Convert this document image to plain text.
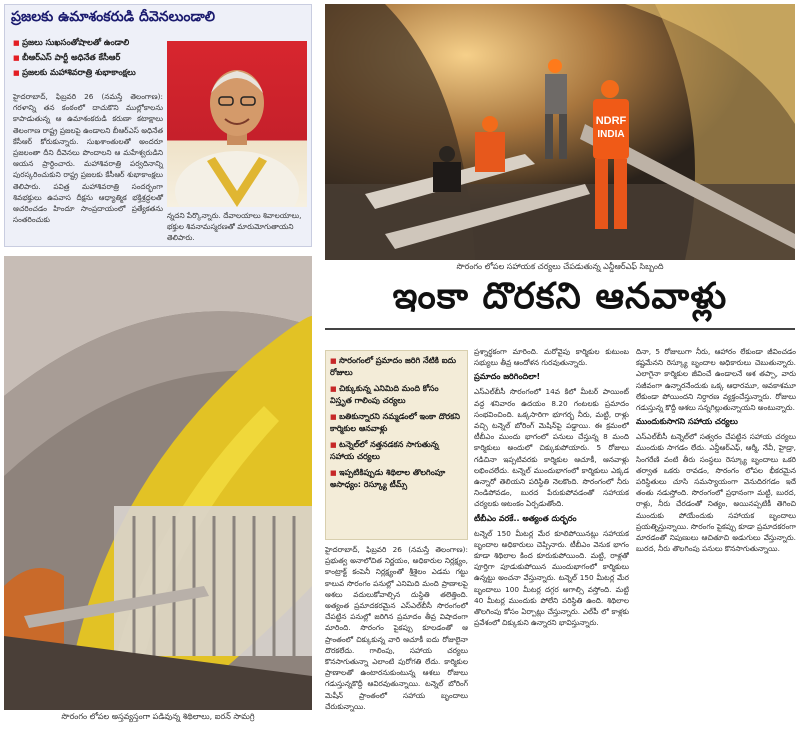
ప్రజలకు ఉమాశంకరుడి దీవెనలుండాలి
■ ప్రజలు సుఖసంతోషాలతో ఉండాలి
■ బీఆర్‌ఎస్ పార్టీ అధినేత కేసీఆర్
■ ప్రజలకు మహాశివరాత్రి శుభాకాంక్షలు
హైదరాబాద్, ఫిబ్రవరి 26 (నమస్తే తెలంగాణ): గరళాన్ని తన కంఠంలో దాచుకొని ముల్లోకాలను కాపాడుతున్న ఆ ఉమాశంకరుడి కరుణా కటాక్షాలు తెలంగాణ రాష్ట్ర ప్రజలపై ఉండాలని బీఆర్‌ఎస్ అధినేత కేసీఆర్ కోరుకున్నారు. సుఖశాంతులతో అందరూ ప్రజలంతా దీని దీవెనలు పొందాలని ఆ మహేశ్వరుడిని ఆయన ప్రార్థించారు. మహాశివరాత్రి పర్వదినాన్ని పురస్కరించుకుని రాష్ట్ర ప్రజలకు కేసీఆర్ శుభాకాంక్షలు తెలిపారు. పవిత్ర మహాశివరాత్రి సందర్భంగా శివభక్తులు ఉపవాస దీక్షను ఆధ్యాత్మిక భక్తిశ్రద్ధలతో ఆచరించడం హిందూ సాంప్రదాయంలో ప్రత్యేకతను సంతరించుకు	న్నదని పేర్కొన్నారు. దేవాలయాలు శివాలయాలు, భక్తుల శివనామస్మరణతో మారుమోగుతాయని తెలిపారు.
NDRF
INDIA
సొరంగం లోపల సహాయక చర్యలు చేపడుతున్న ఎన్డీఆర్‌ఎఫ్ సిబ్బంది
ఇంకా దొరకని ఆనవాళ్లు
సొరంగం లోపల అస్తవ్యస్తంగా పడివున్న శిథిలాలు, ఐరన్ సామగ్రి
■ సొరంగంలో ప్రమాదం జరిగి నేటికి ఐదు రోజులు
■ చిక్కుకున్న ఎనిమిది మంది కోసం విస్తృత గాలింపు చర్యలు
■ బతికున్నారని నమ్మడంలో ఇంకా దొరకని కార్మికుల ఆనవాళ్లు
■ టన్నెల్‌లో నత్తనడకన సాగుతున్న సహాయ చర్యలు
■ ఇప్పటికిప్పుడు శిథిలాల తొలగింపూ అసాధ్యం: రెస్క్యూ టీమ్స్
హైదరాబాద్, ఫిబ్రవరి 26 (నమస్తే తెలంగాణ): ప్రభుత్వ అనాలోచిత నిర్ణయం, అధికారుల నిర్లక్ష్యం, కాంట్రాక్ట్ కంపెనీ నిర్లక్ష్యంతో శ్రీశైలం ఎడమ గట్టు కాలువ సొరంగం పనుల్లో ఎనిమిది మంది ప్రాణాలపై ఆశలు వదులుకోవాల్సిన దుస్థితి తలెత్తింది. అత్యంత ప్రమాదకరమైన ఎస్‌ఎల్‌బీసీ సొరంగంలో చేపట్టిన పనుల్లో జరిగిన ప్రమాదం తీవ్ర విషాదంగా మారింది. సొరంగం పైకప్పు కూలడంతో ఆ ప్రాంతంలో చిక్కుకున్న వారి ఆచూకీ ఐదు రోజులైనా దొరకలేదు. గాలింపు, సహాయ చర్యలు కొనసాగుతున్నా ఎలాంటి పురోగతి లేదు. కార్మికుల ప్రాణాలతో ఉంటారనుకుంటున్న ఆశలు రోజులు గడుస్తున్నకొద్దీ ఆవిరవుతున్నాయి. టన్నెల్ బోరింగ్ మెషీన్ ప్రాంతంలో సహాయ బృందాలు చేరుకున్నాయి.
ప్రశ్నార్థకంగా మారింది. మరోవైపు కార్మికుల కుటుంబ సభ్యులు తీవ్ర ఆందోళన గురవుతున్నారు.
ప్రమాదం జరిగిందిలా!
ఎస్‌ఎల్‌బీసీ సొరంగంలో 14వ కిలో మీటర్ పాయింట్ వద్ద శనివారం ఉదయం 8.20 గంటలకు ప్రమాదం సంభవించింది. ఒక్కసారిగా భూగర్భ నీరు, మట్టి, రాళ్లు వచ్చి టన్నెల్ బోరింగ్ మెషిన్‌పై పడ్డాయి. ఈ క్రమంలో టీబీఎం ముందు భాగంలో పనులు చేస్తున్న 8 మంది కార్మికులు అందులో చిక్కుకుపోయారు. 5 రోజులు గడిచినా ఇప్పటివరకు కార్మికుల ఆచూకీ, ఆనవాళ్లు లభించలేదు. టన్నెల్ ముందుభాగంలో కార్మికులు ఎక్కడ ఉన్నారో తెలియని పరిస్థితి నెలకొంది. సొరంగంలో నీరు నిండిపోవడం, బురద పేరుకుపోవడంతో సహాయక చర్యలకు ఆటంకం ఏర్పడుతోంది.
టీబీఎం వరకే.. అత్యంత దుర్భరం
టన్నెల్ 150 మీటర్ల మేర కూలిపోయినట్లు సహాయక బృందాల అధికారులు చెప్పినారు. టీబీఎం వెనుక భాగం కూడా శిథిలాల కింద కూరుకుపోయింది. మట్టి, రాళ్లతో పూర్తిగా పూడుకుపోయిన ముందుభాగంలో కార్మికులు ఉన్నట్టు అంచనా వేస్తున్నారు. టన్నెల్ 150 మీటర్ల మేర బృందాలు 100 మీటర్ల దగ్గర ఆగాల్సి వస్తోంది. మట్టి 40 మీటర్ల ముందుకు పోలేని పరిస్థితి ఉంది. శిథిలాల తొలగింపు కోసం ఏర్పాట్లు చేస్తున్నారు. ఎల్‌పీ లో కాళ్లకు ప్రవేశంలో చిక్కుకుని ఉన్నారని భావిస్తున్నారు.
దినా, 5 రోజులుగా నీరు, ఆహారం లేకుండా జీవించడం కష్టమేనని రెస్క్యూ బృందాల అధికారులు చెబుతున్నారు. ఎలాగైనా కార్మికుల జీవించే ఉండాలనే ఆశ తప్పా, వారు సజీవంగా ఉన్నారనేందుకు ఒక్క ఆధారమూ, ఆవకాశమూ లేకుండా పోయిందని నిర్ధారణ వ్యక్తంచేస్తున్నారు. రోజులు గడుస్తున్న కొద్దీ ఆశలు సన్నగిల్లుతున్నాయని అంటున్నారు.
ముందుకుసాగని సహాయ చర్యలు
ఎస్‌ఎల్‌బీసీ టన్నెల్‌లో సత్వరం చేపట్టిన సహాయ చర్యలు ముందుకు సాగడం లేదు. ఎన్డీఆర్‌ఎఫ్, ఆర్మీ, నేవీ, హైడ్రా, సింగరేణి వంటి తీరు సంస్థలు రెస్క్యూ బృందాలు ఒకరి తర్వాత ఒకరు రావడం, సొరంగం లోపల భీకరమైన పరిస్థితులు చూసి సమస్యాయంగా వెనుదిరగడం ఇదే తంతు నడుస్తోంది. సొరంగంలో ప్రధానంగా మట్టి, బురద, రాళ్లు, నీరు చేరడంతో నిత్యం, అయినప్పటికీ తెగించి ముందుకు పోయేందుకు సహాయక బృందాలు ప్రయత్నిస్తున్నాయి. సొరంగం పైకప్పు కూడా ప్రమాదకరంగా మారడంతో నిపుణులు ఆచితూచి అడుగులు వేస్తున్నారు. బురద, నీరు తొలగింపు పనులు కొనసాగుతున్నాయి.
